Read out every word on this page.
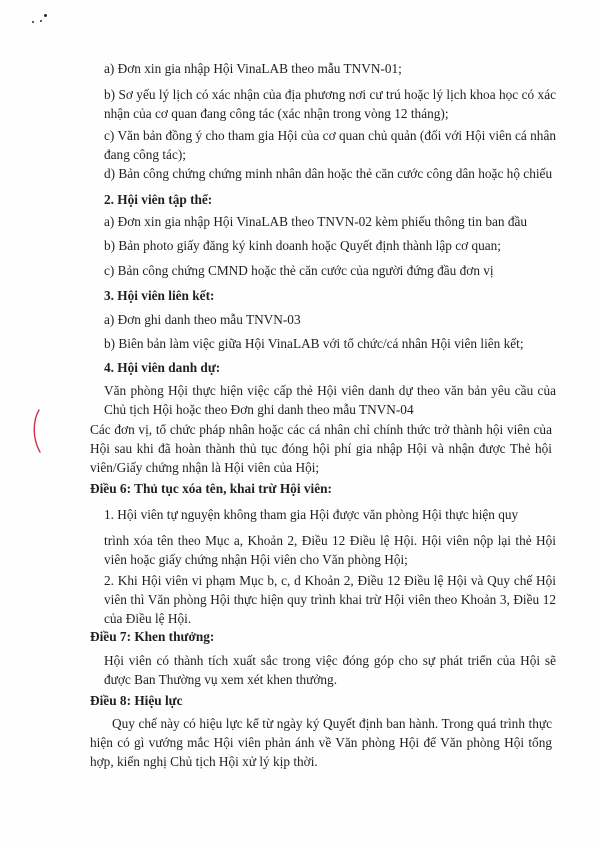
a) Đơn xin gia nhập Hội VinaLAB theo mẫu TNVN-01;

b) Sơ yếu lý lịch có xác nhận của địa phương nơi cư trú hoặc lý lịch khoa học có xác nhận của cơ quan đang công tác (xác nhận trong vòng 12 tháng);

c) Văn bản đồng ý cho tham gia Hội của cơ quan chủ quản (đối với Hội viên cá nhân đang công tác);

d) Bản công chứng chứng minh nhân dân hoặc thẻ căn cước công dân hoặc hộ chiếu

2. Hội viên tập thể:

a) Đơn xin gia nhập Hội VinaLAB theo TNVN-02 kèm phiếu thông tin ban đầu

b) Bản photo giấy đăng ký kinh doanh hoặc Quyết định thành lập cơ quan;

c) Bản công chứng CMND hoặc thẻ căn cước của người đứng đầu đơn vị

3. Hội viên liên kết:

a) Đơn ghi danh theo mẫu TNVN-03

b) Biên bản làm việc giữa Hội VinaLAB với tổ chức/cá nhân Hội viên liên kết;

4. Hội viên danh dự:

Văn phòng Hội thực hiện việc cấp thẻ Hội viên danh dự theo văn bản yêu cầu của Chủ tịch Hội hoặc theo Đơn ghi danh theo mẫu TNVN-04

Các đơn vị, tổ chức pháp nhân hoặc các cá nhân chỉ chính thức trở thành hội viên của Hội sau khi đã hoàn thành thủ tục đóng hội phí gia nhập Hội và nhận được Thẻ hội viên/Giấy chứng nhận là Hội viên của Hội;

Điều 6: Thủ tục xóa tên, khai trừ Hội viên:

1. Hội viên tự nguyện không tham gia Hội được văn phòng Hội thực hiện quy

trình xóa tên theo Mục a, Khoản 2, Điều 12 Điều lệ Hội. Hội viên nộp lại thẻ Hội viên hoặc giấy chứng nhận Hội viên cho Văn phòng Hội;

2. Khi Hội viên vi phạm Mục b, c, d Khoản 2, Điều 12 Điều lệ Hội và Quy chế Hội viên thì Văn phòng Hội thực hiện quy trình khai trừ Hội viên theo Khoản 3, Điều 12 của Điều lệ Hội.

Điều 7: Khen thưởng:

Hội viên có thành tích xuất sắc trong việc đóng góp cho sự phát triển của Hội sẽ được Ban Thường vụ xem xét khen thưởng.

Điều 8: Hiệu lực

Quy chế này có hiệu lực kể từ ngày ký Quyết định ban hành. Trong quá trình thực hiện có gì vướng mắc Hội viên phản ánh về Văn phòng Hội để Văn phòng Hội tổng hợp, kiến nghị Chủ tịch Hội xử lý kịp thời.
